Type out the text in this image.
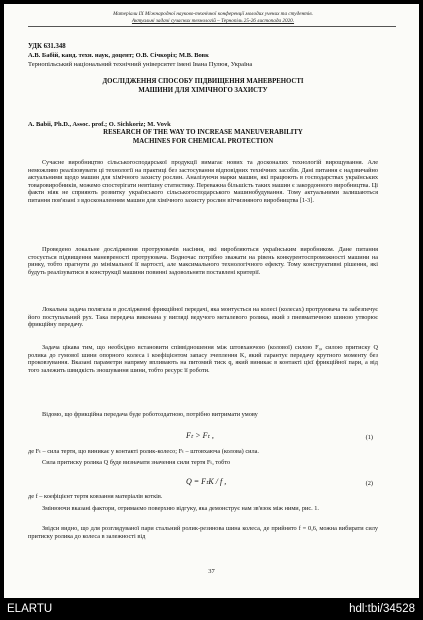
Матеріали IX Міжнародної науково-технічної конференції молодих учених та студентів.
Актуальні задачі сучасних технологій – Тернопіль 25-26 листопада 2020.
УДК 631.348
А.В. Бабій, канд. техн. наук, доцент; О.В. Січкоріз; М.В. Вовк
Тернопільський національний технічний університет імені Івана Пулюя, Україна
ДОСЛІДЖЕННЯ СПОСОБУ ПІДВИЩЕННЯ МАНЕВРЕНОСТІ
МАШИНИ ДЛЯ ХІМІЧНОГО ЗАХИСТУ
A. Babii, Ph.D., Assoc. prof.; O. Sichkoriz; M. Vovk
RESEARCH OF THE WAY TO INCREASE MANEUVERABILITY
MACHINES FOR CHEMICAL PROTECTION
Сучасне виробництво сільськогосподарської продукції вимагає нових та досконалих технологій вирощування. Але неможливо реалізовувати ці технології на практиці без застосування відповідних технічних засобів. Дані питання є надзвичайно актуальними щодо машин для хімічного захисту рослин. Аналізуючи марки машин, які працюють в господарствах українських товаровиробників, можемо спостерігати невтішну статистику. Переважна більшість таких машин є закордонного виробництва. Ці факти ніяк не сприяють розвитку українського сільськогосподарського машинобудування. Тому актуальними залишаються питання пов'язані з вдосконаленням машин для хімічного захисту рослин вітчизняного виробництва [1-3].
Проведено локальне дослідження протруювачів насіння, які виробляються українським виробником. Дане питання стосується підвищення маневреності протруювача. Водночас потрібно зважати на рівень конкурентоспроможності машини на ринку, тобто прагнути до мінімальної її вартості, але максимального технологічного ефекту. Тому конструктивні рішення, які будуть реалізуватися в конструкції машини повинні задовольняти поставлені критерії.
Локальна задача полягала в дослідженні фрикційної передачі, яка монтується на колесі (колесах) протруювача та забезпечує його поступальний рух. Така передача виконана у вигляді ведучого металевого ролика, який з пневматичною шиною утворює фрикційну передачу.
Задача цікава тим, що необхідно встановити співвідношення між штовхаючою (колової) силою F₀, силою притиску Q ролика до гумової шини опорного колеса і коефіцієнтом запасу зчеплення K, який гарантує передачу крутного моменту без проковзування. Вказані параметри напряму впливають на питомий тиск q, який виникає в контакті цієї фрикційної пари, а від того залежить швидкість зношування шини, тобто ресурс її роботи.
Відомо, що фрикційна передача буде роботоздатною, потрібно витримати умову
Fₜ > Fₜ ,	(1)
де Fₜ – сила тертя, що виникає у контакті ролик-колесо; Fₜ – штовхаюча (колова) сила.
Сила притиску ролика Q буде визначати значення сили тертя Fₜ, тобто
Q = FₜK / f ,	(2)
де f – коефіцієнт тертя ковзання матеріалів котків.
Змінюючи вказані фактори, отримаємо поверхню відгуку, яка демонструє нам зв'язок між ними, рис. 1.
Звідси видно, що для розглядуваної пари стальний ролик-резинова шина колеса, де прийнято f = 0,6, можна вибирати силу притиску ролика до колеса в залежності від
37
ELARTU	hdl:tbi/34528
